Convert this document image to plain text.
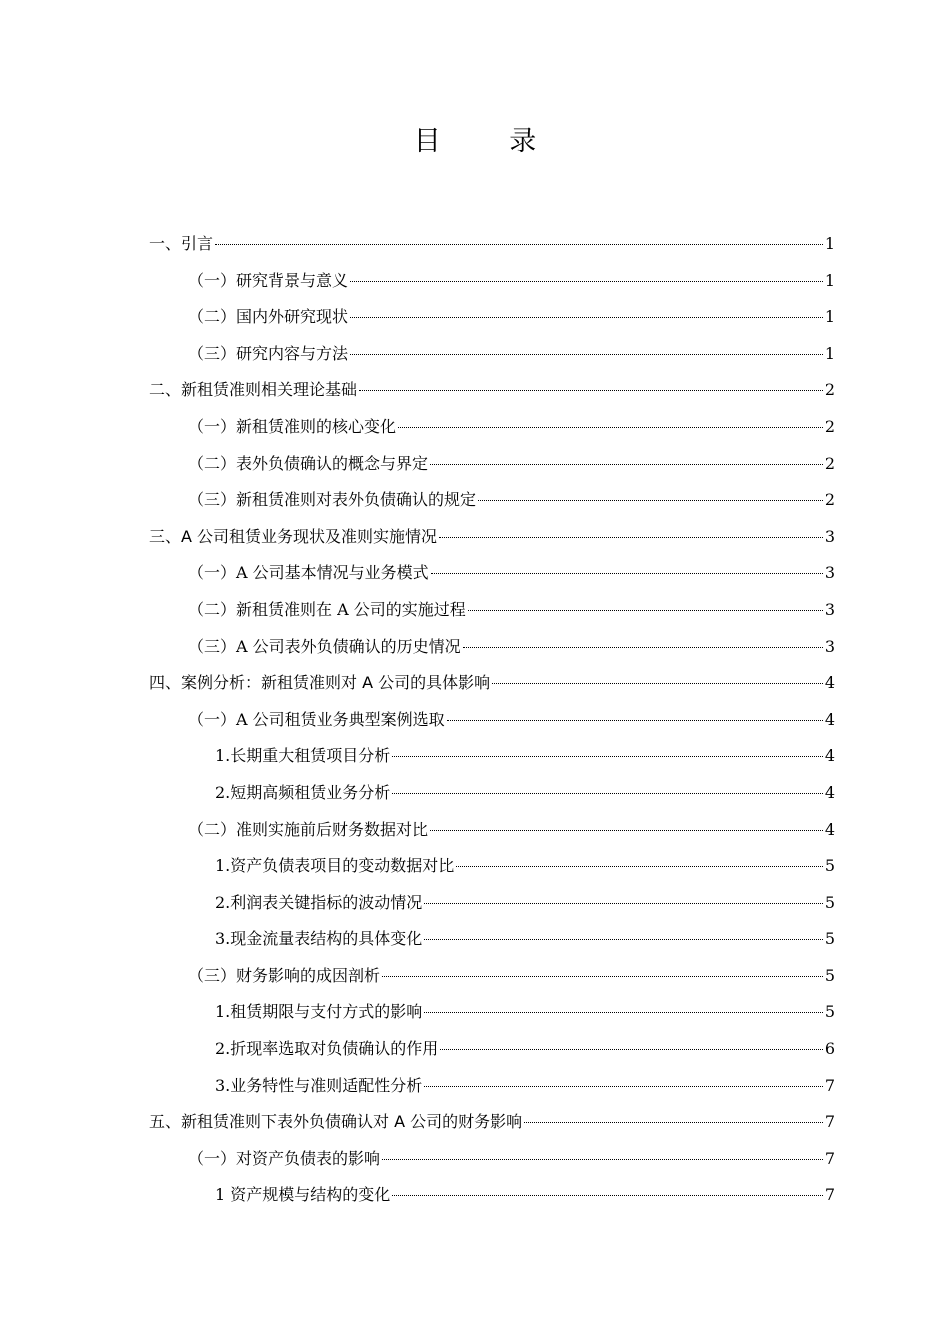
目 录
一、引言	1
（一）研究背景与意义	1
（二）国内外研究现状	1
（三）研究内容与方法	1
二、新租赁准则相关理论基础	2
（一）新租赁准则的核心变化	2
（二）表外负债确认的概念与界定	2
（三）新租赁准则对表外负债确认的规定	2
三、A 公司租赁业务现状及准则实施情况	3
（一）A 公司基本情况与业务模式	3
（二）新租赁准则在 A 公司的实施过程	3
（三）A 公司表外负债确认的历史情况	3
四、案例分析：新租赁准则对 A 公司的具体影响	4
（一）A 公司租赁业务典型案例选取	4
1.长期重大租赁项目分析	4
2.短期高频租赁业务分析	4
（二）准则实施前后财务数据对比	4
1.资产负债表项目的变动数据对比	5
2.利润表关键指标的波动情况	5
3.现金流量表结构的具体变化	5
（三）财务影响的成因剖析	5
1.租赁期限与支付方式的影响	5
2.折现率选取对负债确认的作用	6
3.业务特性与准则适配性分析	7
五、新租赁准则下表外负债确认对 A 公司的财务影响	7
（一）对资产负债表的影响	7
1 资产规模与结构的变化	7
